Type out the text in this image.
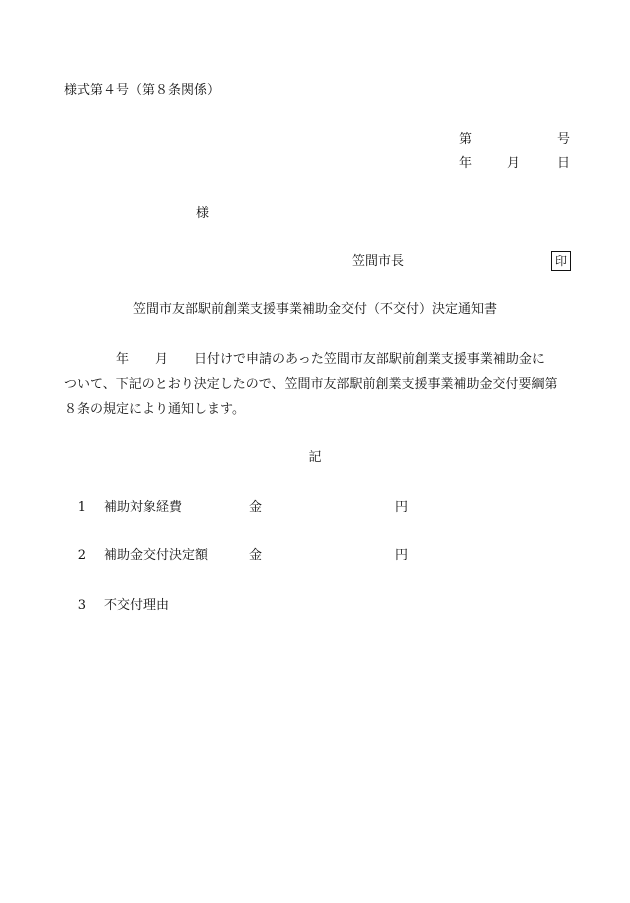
様式第４号（第８条関係）
第	号
年	月	日
様
笠間市長	印
笠間市友部駅前創業支援事業補助金交付（不交付）決定通知書
　　　　年　　月　　日付けで申請のあった笠間市友部駅前創業支援事業補助金に
ついて、下記のとおり決定したので、笠間市友部駅前創業支援事業補助金交付要綱第
８条の規定により通知します。
記
1 補助対象経費	金	円
2 補助金交付決定額	金	円
3 不交付理由
